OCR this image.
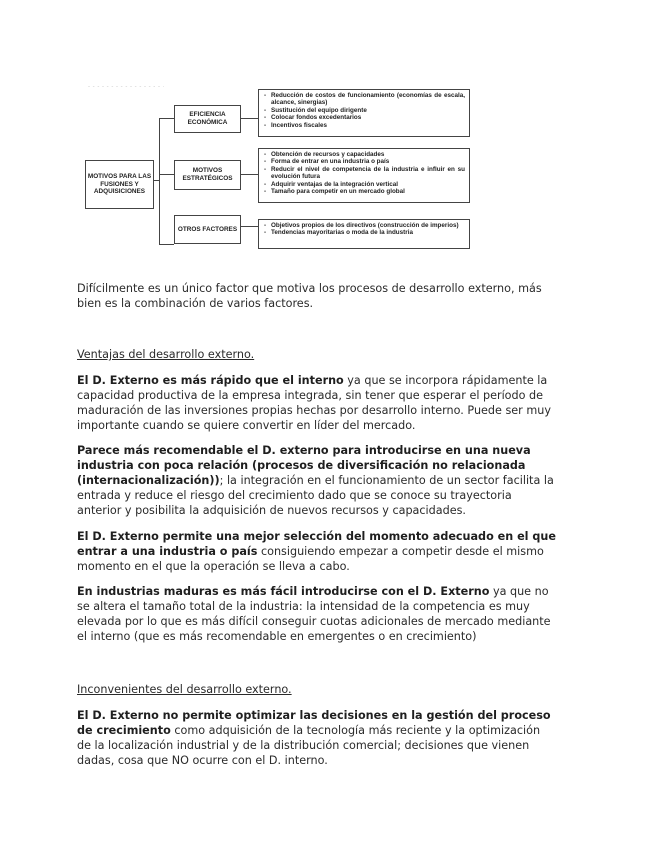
- - - - - - - - - - - - - - - - ·
MOTIVOS PARA LAS FUSIONES Y ADQUISICIONES
EFICIENCIA ECONÓMICA
MOTIVOS ESTRATÉGICOS
OTROS FACTORES
- Reducción de costos de funcionamiento (economías de escala, alcance, sinergias)
- Sustitución del equipo dirigente
- Colocar fondos excedentarios
- Incentivos fiscales
- Obtención de recursos y capacidades
- Forma de entrar en una industria o país
- Reducir el nivel de competencia de la industria e influir en su evolución futura
- Adquirir ventajas de la integración vertical
- Tamaño para competir en un mercado global
- Objetivos propios de los directivos (construcción de imperios)
- Tendencias mayoritarias o moda de la industria

Difícilmente es un único factor que motiva los procesos de desarrollo externo, más bien es la combinación de varios factores.

Ventajas del desarrollo externo.

El D. Externo es más rápido que el interno ya que se incorpora rápidamente la capacidad productiva de la empresa integrada, sin tener que esperar el período de maduración de las inversiones propias hechas por desarrollo interno. Puede ser muy importante cuando se quiere convertir en líder del mercado.

Parece más recomendable el D. externo para introducirse en una nueva industria con poca relación (procesos de diversificación no relacionada (internacionalización)); la integración en el funcionamiento de un sector facilita la entrada y reduce el riesgo del crecimiento dado que se conoce su trayectoria anterior y posibilita la adquisición de nuevos recursos y capacidades.

El D. Externo permite una mejor selección del momento adecuado en el que entrar a una industria o país consiguiendo empezar a competir desde el mismo momento en el que la operación se lleva a cabo.

En industrias maduras es más fácil introducirse con el D. Externo ya que no se altera el tamaño total de la industria: la intensidad de la competencia es muy elevada por lo que es más difícil conseguir cuotas adicionales de mercado mediante el interno (que es más recomendable en emergentes o en crecimiento)

Inconvenientes del desarrollo externo.

El D. Externo no permite optimizar las decisiones en la gestión del proceso de crecimiento como adquisición de la tecnología más reciente y la optimización de la localización industrial y de la distribución comercial; decisiones que vienen dadas, cosa que NO ocurre con el D. interno.
